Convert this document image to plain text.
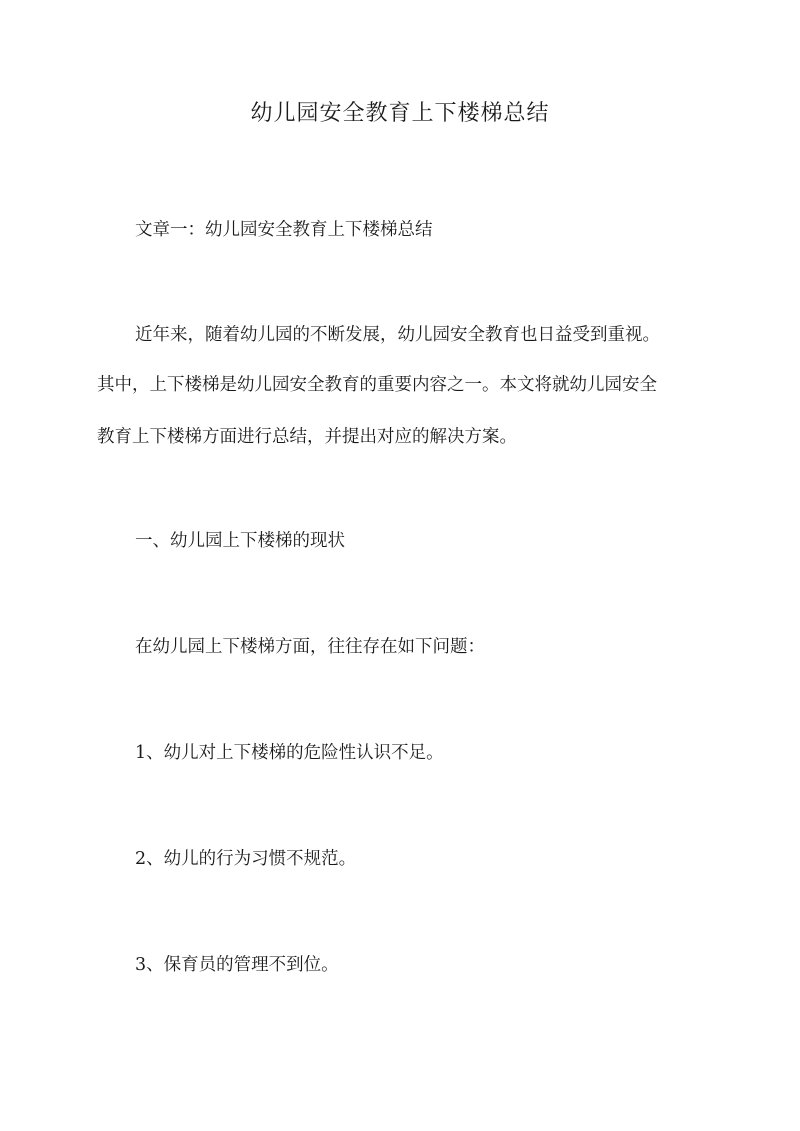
幼儿园安全教育上下楼梯总结

文章一：幼儿园安全教育上下楼梯总结

近年来，随着幼儿园的不断发展，幼儿园安全教育也日益受到重视。

其中，上下楼梯是幼儿园安全教育的重要内容之一。本文将就幼儿园安全

教育上下楼梯方面进行总结，并提出对应的解决方案。

一、幼儿园上下楼梯的现状

在幼儿园上下楼梯方面，往往存在如下问题：

1、幼儿对上下楼梯的危险性认识不足。

2、幼儿的行为习惯不规范。

3、保育员的管理不到位。
